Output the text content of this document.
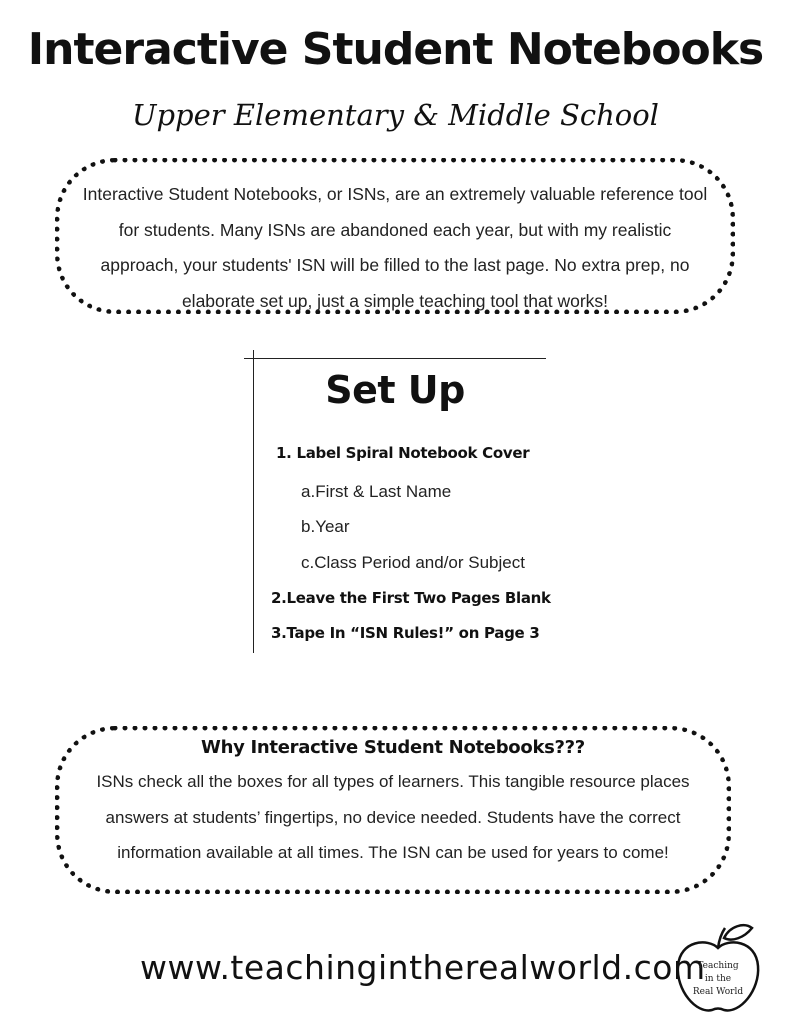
Interactive Student Notebooks
Upper Elementary & Middle School

Interactive Student Notebooks, or ISNs, are an extremely valuable reference tool for students. Many ISNs are abandoned each year, but with my realistic approach, your students' ISN will be filled to the last page. No extra prep, no elaborate set up, just a simple teaching tool that works!

Set Up
1. Label Spiral Notebook Cover
a.First & Last Name
b.Year
c.Class Period and/or Subject
2.Leave the First Two Pages Blank
3.Tape In “ISN Rules!” on Page 3
Why Interactive Student Notebooks???

ISNs check all the boxes for all types of learners. This tangible resource places answers at students’ fingertips, no device needed. Students have the correct information available at all times. The ISN can be used for years to come!

www.teachingintherealworld.com
Teaching
in the
Real World
